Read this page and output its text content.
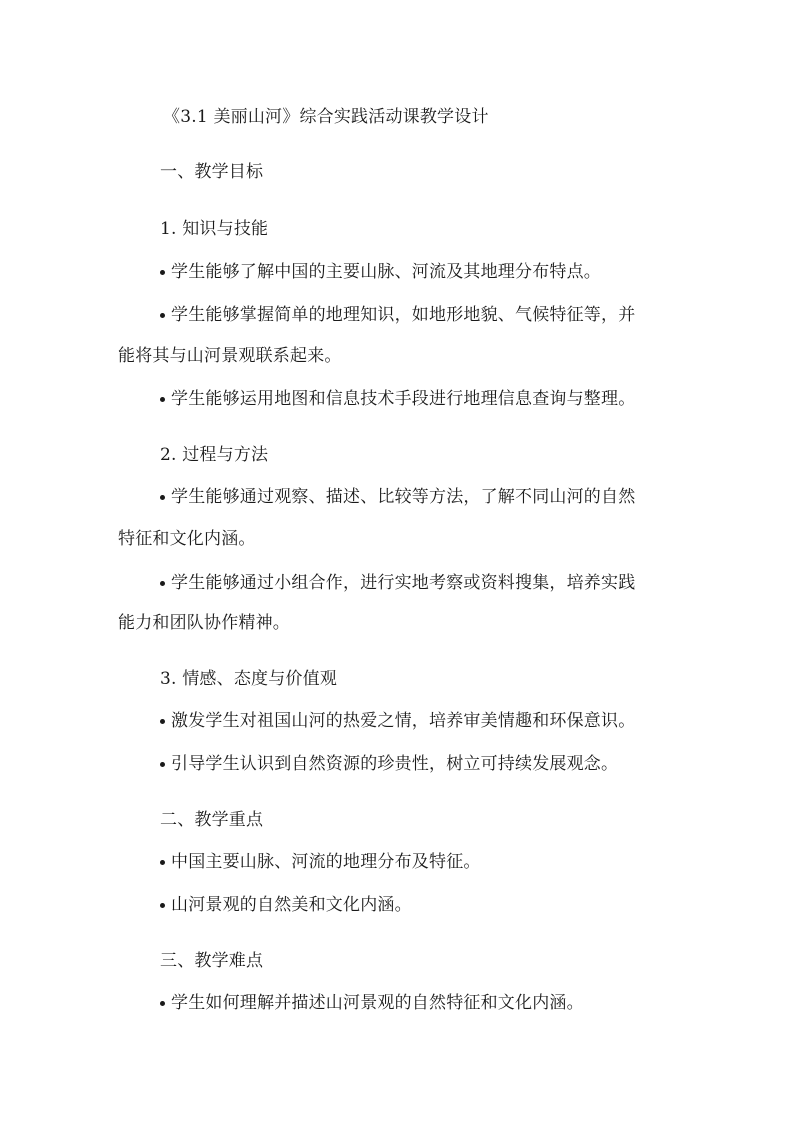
《3.1 美丽山河》综合实践活动课教学设计
一、教学目标
1. 知识与技能
学生能够了解中国的主要山脉、河流及其地理分布特点。
学生能够掌握简单的地理知识，如地形地貌、气候特征等，并
能将其与山河景观联系起来。
学生能够运用地图和信息技术手段进行地理信息查询与整理。
2. 过程与方法
学生能够通过观察、描述、比较等方法，了解不同山河的自然
特征和文化内涵。
学生能够通过小组合作，进行实地考察或资料搜集，培养实践
能力和团队协作精神。
3. 情感、态度与价值观
激发学生对祖国山河的热爱之情，培养审美情趣和环保意识。
引导学生认识到自然资源的珍贵性，树立可持续发展观念。
二、教学重点
中国主要山脉、河流的地理分布及特征。
山河景观的自然美和文化内涵。
三、教学难点
学生如何理解并描述山河景观的自然特征和文化内涵。
